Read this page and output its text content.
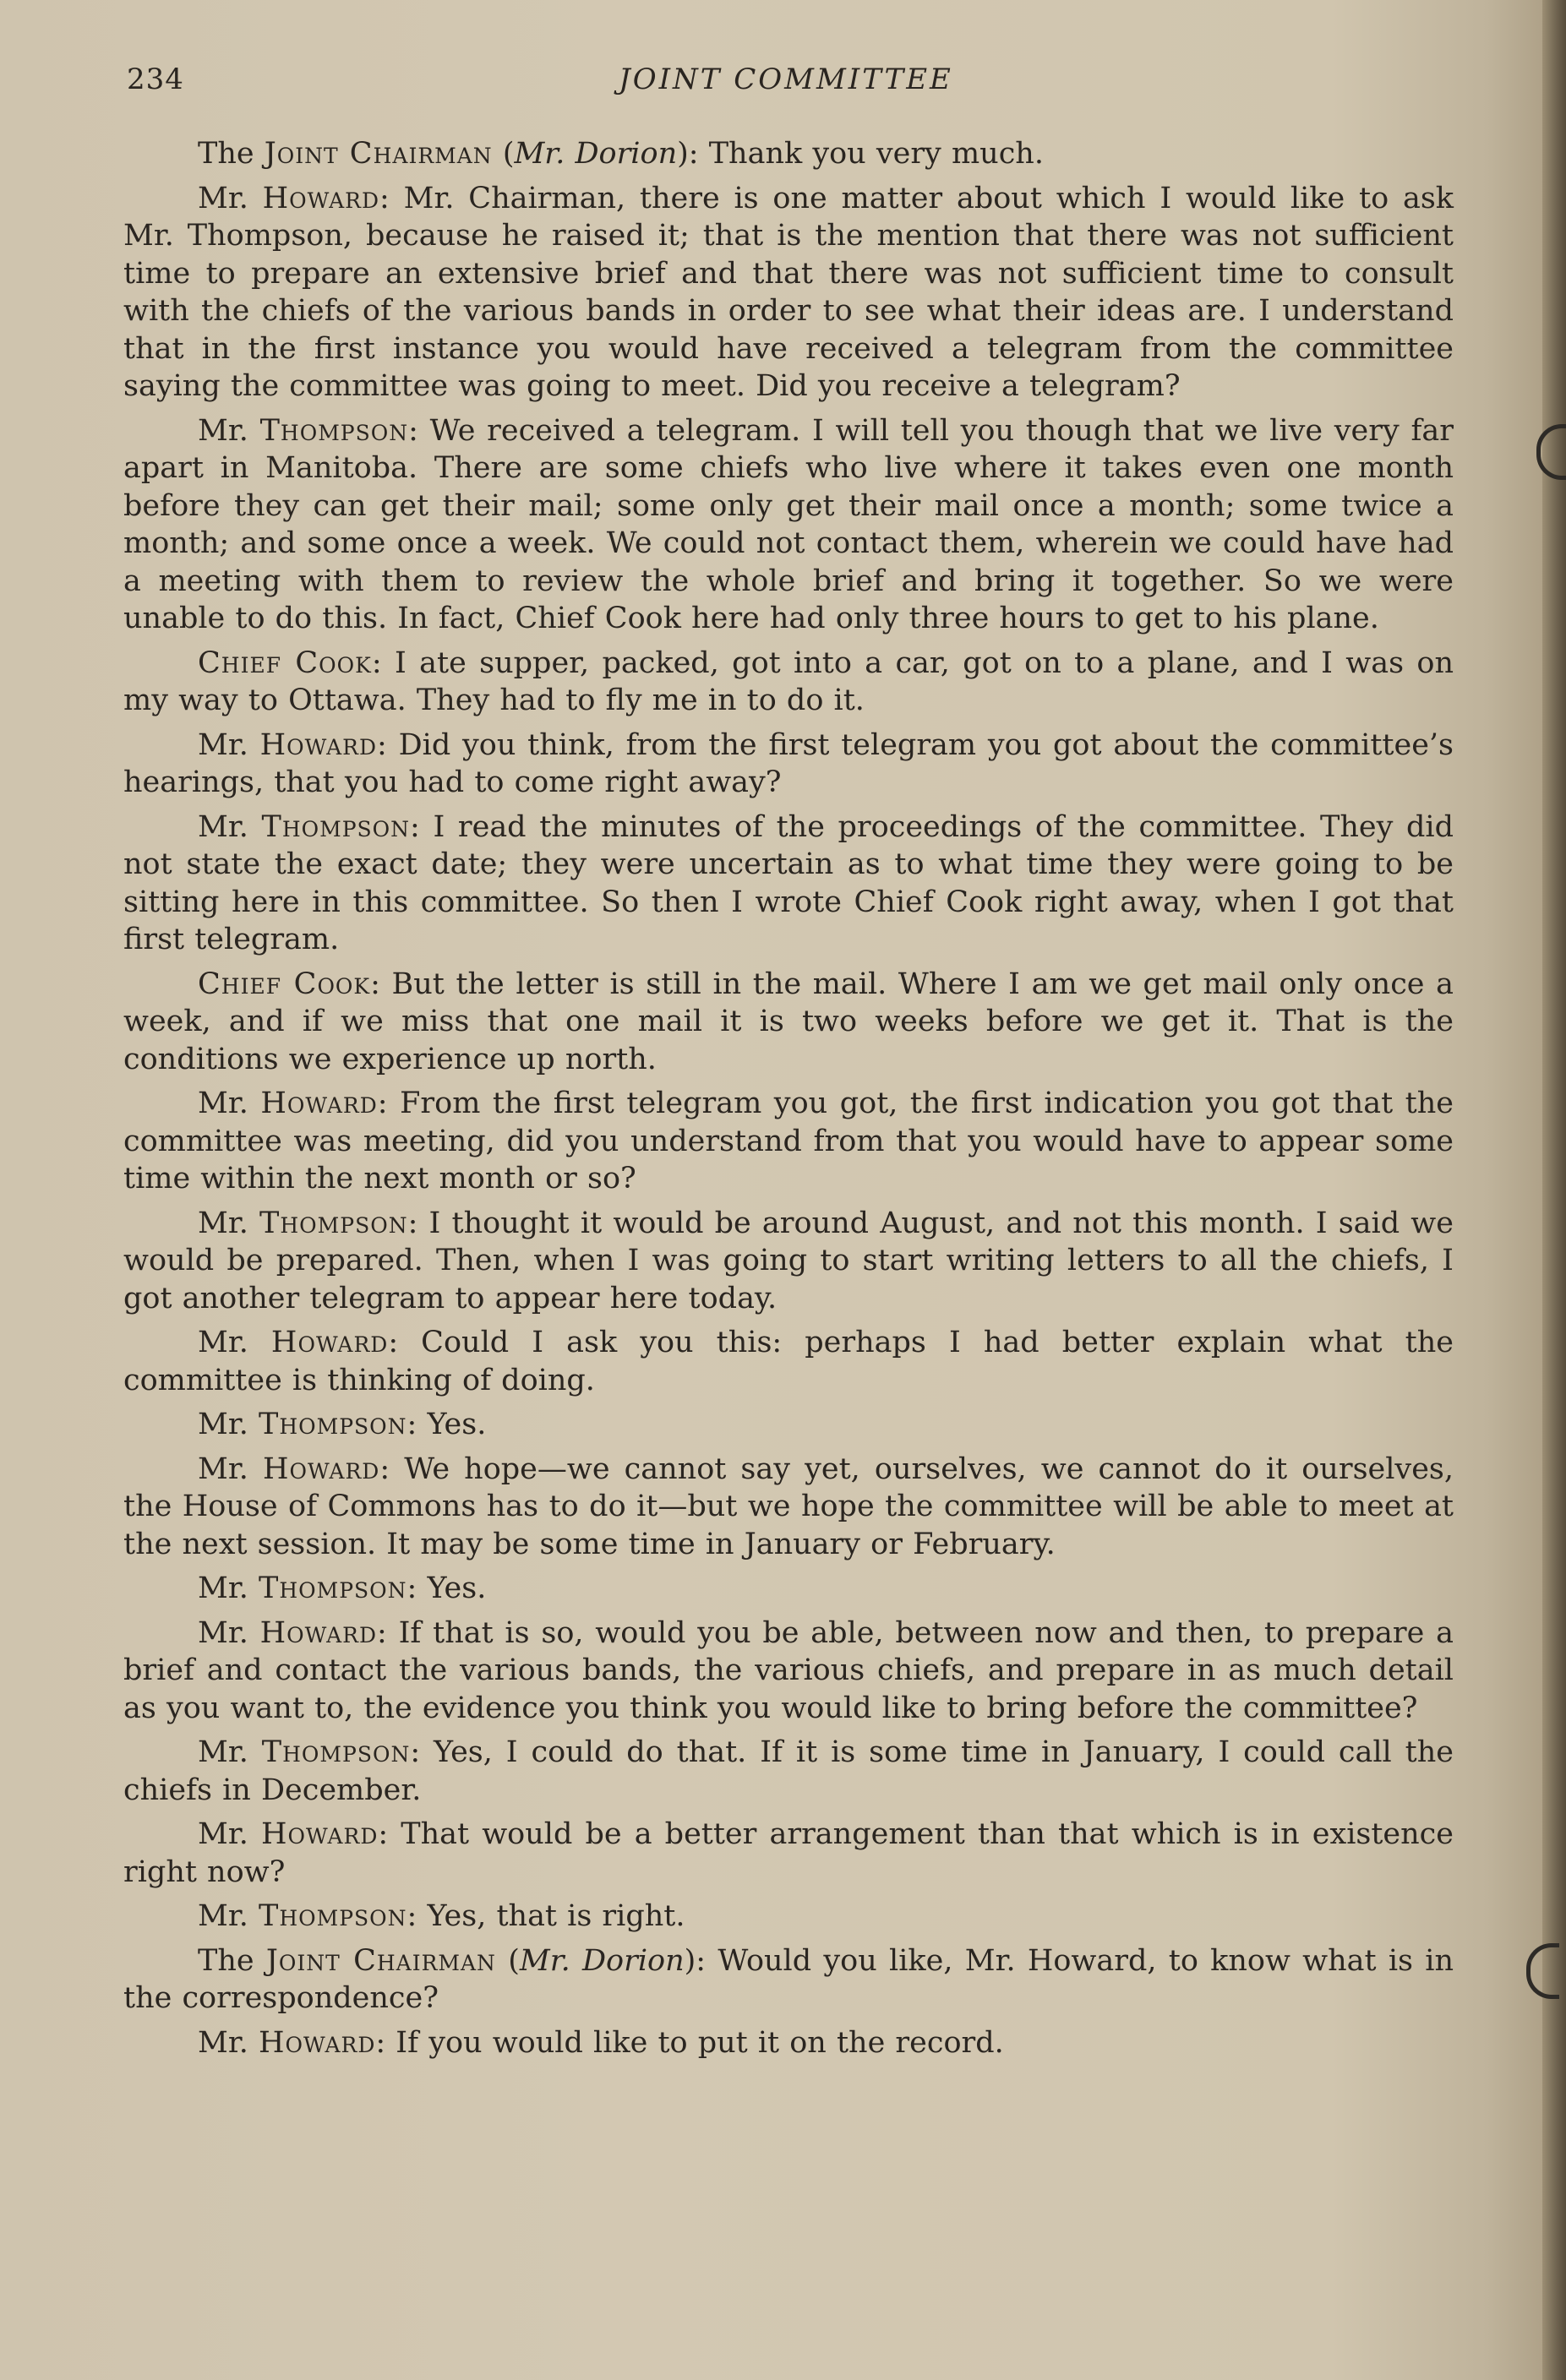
234	JOINT COMMITTEE

The Joint Chairman (Mr. Dorion): Thank you very much.

Mr. Howard: Mr. Chairman, there is one matter about which I would like to ask Mr. Thompson, because he raised it; that is the mention that there was not sufficient time to prepare an extensive brief and that there was not sufficient time to consult with the chiefs of the various bands in order to see what their ideas are. I understand that in the first instance you would have received a telegram from the committee saying the committee was going to meet. Did you receive a telegram?

Mr. Thompson: We received a telegram. I will tell you though that we live very far apart in Manitoba. There are some chiefs who live where it takes even one month before they can get their mail; some only get their mail once a month; some twice a month; and some once a week. We could not contact them, wherein we could have had a meeting with them to review the whole brief and bring it together. So we were unable to do this. In fact, Chief Cook here had only three hours to get to his plane.

Chief Cook: I ate supper, packed, got into a car, got on to a plane, and I was on my way to Ottawa. They had to fly me in to do it.

Mr. Howard: Did you think, from the first telegram you got about the committee’s hearings, that you had to come right away?

Mr. Thompson: I read the minutes of the proceedings of the committee. They did not state the exact date; they were uncertain as to what time they were going to be sitting here in this committee. So then I wrote Chief Cook right away, when I got that first telegram.

Chief Cook: But the letter is still in the mail. Where I am we get mail only once a week, and if we miss that one mail it is two weeks before we get it. That is the conditions we experience up north.

Mr. Howard: From the first telegram you got, the first indication you got that the committee was meeting, did you understand from that you would have to appear some time within the next month or so?

Mr. Thompson: I thought it would be around August, and not this month. I said we would be prepared. Then, when I was going to start writing letters to all the chiefs, I got another telegram to appear here today.

Mr. Howard: Could I ask you this: perhaps I had better explain what the committee is thinking of doing.

Mr. Thompson: Yes.

Mr. Howard: We hope—we cannot say yet, ourselves, we cannot do it ourselves, the House of Commons has to do it—but we hope the committee will be able to meet at the next session. It may be some time in January or February.

Mr. Thompson: Yes.

Mr. Howard: If that is so, would you be able, between now and then, to prepare a brief and contact the various bands, the various chiefs, and prepare in as much detail as you want to, the evidence you think you would like to bring before the committee?

Mr. Thompson: Yes, I could do that. If it is some time in January, I could call the chiefs in December.

Mr. Howard: That would be a better arrangement than that which is in existence right now?

Mr. Thompson: Yes, that is right.

The Joint Chairman (Mr. Dorion): Would you like, Mr. Howard, to know what is in the correspondence?

Mr. Howard: If you would like to put it on the record.
